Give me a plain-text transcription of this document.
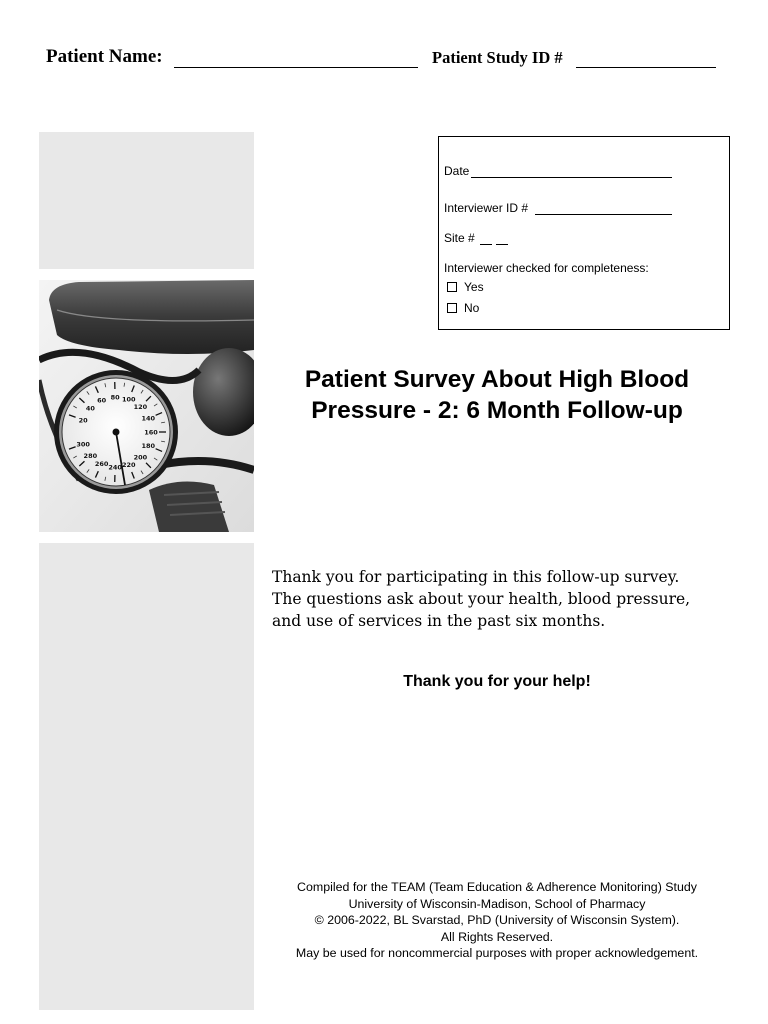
Patient Name:	Patient Study ID #
20
40
60 80 100
120
140
160
180
200
220
240
260
280
300
Date
Interviewer ID #
Site #
Interviewer checked for completeness:
Yes
No
Patient Survey About High Blood
Pressure - 2: 6 Month Follow-up
Thank you for participating in this follow-up survey.
The questions ask about your health, blood pressure,
and use of services in the past six months.
Thank you for your help!
Compiled for the TEAM (Team Education & Adherence Monitoring) Study
University of Wisconsin-Madison, School of Pharmacy
© 2006-2022, BL Svarstad, PhD (University of Wisconsin System).
All Rights Reserved.
May be used for noncommercial purposes with proper acknowledgement.
